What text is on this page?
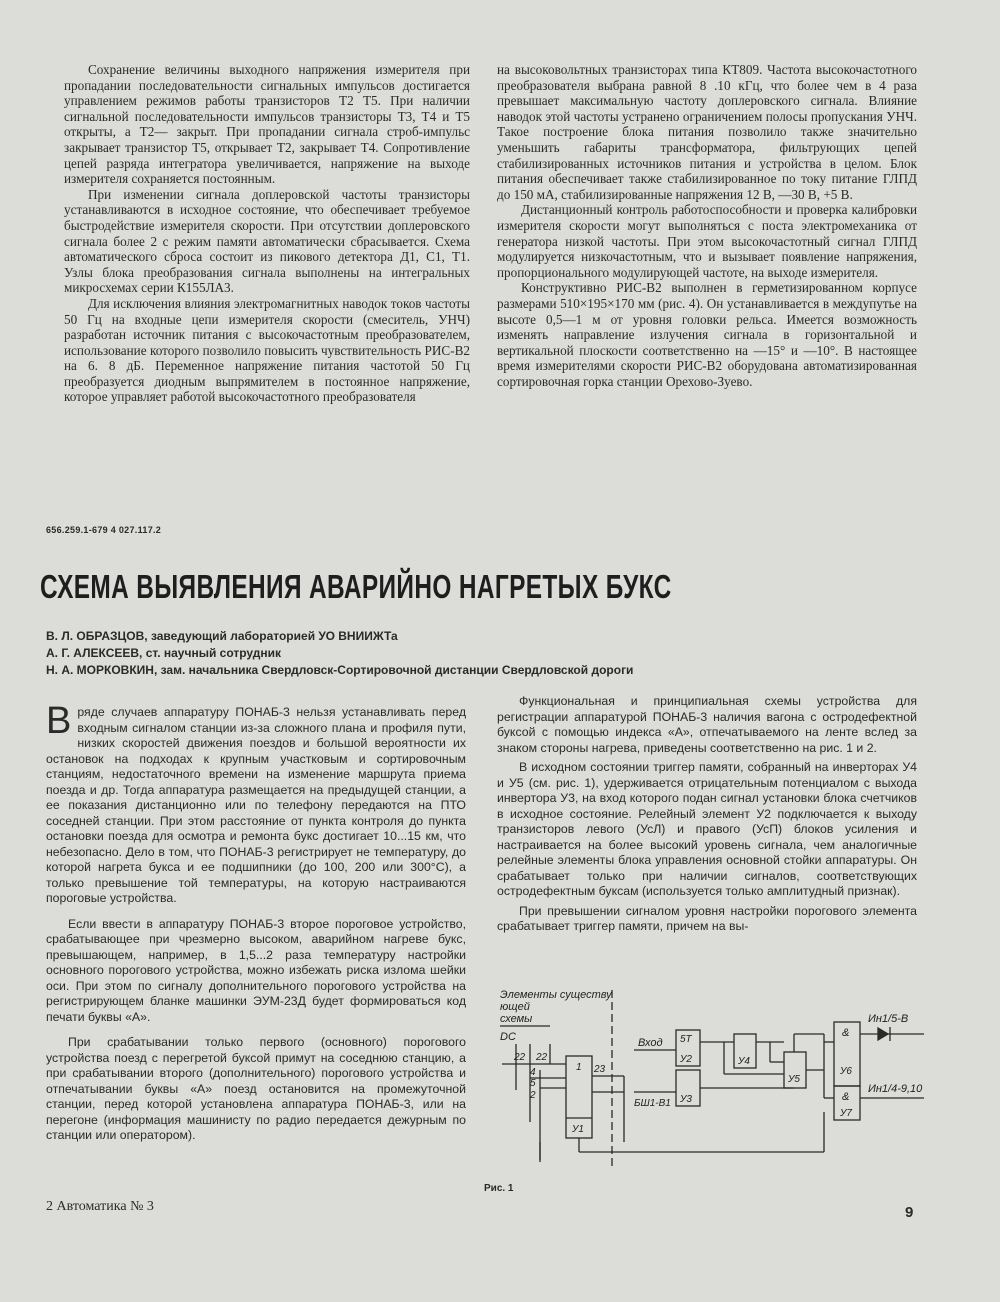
Сохранение величины выходного напряжения измерителя при пропадании последовательности сигнальных импульсов достигается управлением режимов работы транзисторов Т2 Т5. При наличии сигнальной последовательности импульсов транзисторы Т3, Т4 и Т5 открыты, а Т2— закрыт. При пропадании сигнала строб-импульс закрывает транзистор Т5, открывает Т2, закрывает Т4. Сопротивление цепей разряда интегратора увеличивается, напряжение на выходе измерителя сохраняется постоянным.

При изменении сигнала доплеровской частоты транзисторы устанавливаются в исходное состояние, что обеспечивает требуемое быстродействие измерителя скорости. При отсутствии доплеровского сигнала более 2 с режим памяти автоматически сбрасывается. Схема автоматического сброса состоит из пикового детектора Д1, С1, Т1. Узлы блока преобразования сигнала выполнены на интегральных микросхемах серии К155ЛА3.

Для исключения влияния электромагнитных наводок токов частоты 50 Гц на входные цепи измерителя скорости (смеситель, УНЧ) разработан источник питания с высокочастотным преобразователем, использование которого позволило повысить чувствительность РИС-В2 на 6. 8 дБ. Переменное напряжение питания частотой 50 Гц преобразуется диодным выпрямителем в постоянное напряжение, которое управляет работой высокочастотного преобразователя

на высоковольтных транзисторах типа КТ809. Частота высокочастотного преобразователя выбрана равной 8 .10 кГц, что более чем в 4 раза превышает максимальную частоту доплеровского сигнала. Влияние наводок этой частоты устранено ограничением полосы пропускания УНЧ. Такое построение блока питания позволило также значительно уменьшить габариты трансформатора, фильтрующих цепей стабилизированных источников питания и устройства в целом. Блок питания обеспечивает также стабилизированное по току питание ГЛПД до 150 мА, стабилизированные напряжения 12 В, —30 В, +5 В.

Дистанционный контроль работоспособности и проверка калибровки измерителя скорости могут выполняться с поста электромеханика от генератора низкой частоты. При этом высокочастотный сигнал ГЛПД модулируется низкочастотным, что и вызывает появление напряжения, пропорционального модулирующей частоте, на выходе измерителя.

Конструктивно РИС-В2 выполнен в герметизированном корпусе размерами 510×195×170 мм (рис. 4). Он устанавливается в междупутье на высоте 0,5—1 м от уровня головки рельса. Имеется возможность изменять направление излучения сигнала в горизонтальной и вертикальной плоскости соответственно на —15° и —10°. В настоящее время измерителями скорости РИС-В2 оборудована автоматизированная сортировочная горка станции Орехово-Зуево.

656.259.1-679 4 027.117.2
СХЕМА ВЫЯВЛЕНИЯ АВАРИЙНО НАГРЕТЫХ БУКС
В. Л. ОБРАЗЦОВ, заведующий лабораторией УО ВНИИЖТа
А. Г. АЛЕКСЕЕВ, ст. научный сотрудник
Н. А. МОРКОВКИН, зам. начальника Свердловск-Сортировочной дистанции Свердловской дороги

В ряде случаев аппаратуру ПОНАБ-3 нельзя устанавливать перед входным сигналом станции из-за сложного плана и профиля пути, низких скоростей движения поездов и большой вероятности их остановок на подходах к крупным участковым и сортировочным станциям, недостаточного времени на изменение маршрута приема поезда и др. Тогда аппаратура размещается на предыдущей станции, а ее показания дистанционно или по телефону передаются на ПТО соседней станции. При этом расстояние от пункта контроля до пункта остановки поезда для осмотра и ремонта букс достигает 10...15 км, что небезопасно. Дело в том, что ПОНАБ-3 регистрирует не температуру, до которой нагрета букса и ее подшипники (до 100, 200 или 300°С), а только превышение той температуры, на которую настраиваются пороговые устройства.

Если ввести в аппаратуру ПОНАБ-3 второе пороговое устройство, срабатывающее при чрезмерно высоком, аварийном нагреве букс, превышающем, например, в 1,5...2 раза температуру настройки основного порогового устройства, можно избежать риска излома шейки оси. При этом по сигналу дополнительного порогового устройства на регистрирующем бланке машинки ЭУМ-23Д будет формироваться код печати буквы «А».

При срабатывании только первого (основного) порогового устройства поезд с перегретой буксой примут на соседнюю станцию, а при срабатывании второго (дополнительного) порогового устройства и отпечатывании буквы «А» поезд остановится на промежуточной станции, перед которой установлена аппаратура ПОНАБ-3, или на перегоне (информация машинисту по радио передается дежурным по станции или оператором).

Функциональная и принципиальная схемы устройства для регистрации аппаратурой ПОНАБ-3 наличия вагона с остродефектной буксой с помощью индекса «А», отпечатываемого на ленте вслед за знаком стороны нагрева, приведены соответственно на рис. 1 и 2.

В исходном состоянии триггер памяти, собранный на инверторах У4 и У5 (см. рис. 1), удерживается отрицательным потенциалом с выхода инвертора У3, на вход которого подан сигнал установки блока счетчиков в исходное состояние. Релейный элемент У2 подключается к выходу транзисторов левого (УсЛ) и правого (УсП) блоков усиления и настраивается на более высокий уровень сигнала, чем аналогичные релейные элементы блока управления основной стойки аппаратуры. Он срабатывает только при наличии сигналов, соответствующих остродефектным буксам (используется только амплитудный признак).

При превышении сигналом уровня настройки порогового элемента срабатывает триггер памяти, причем на вы-

Элементы существу
ющей
схемы
DC
22 22
4
5
2
23
1
У1
Вход
БШ1-В1
5Т
У2
У3
У4
У5
&
У6
&
У7
Ин1/5-В
Ин1/4-9,10
Рис. 1
2 Автоматика № 3	9
